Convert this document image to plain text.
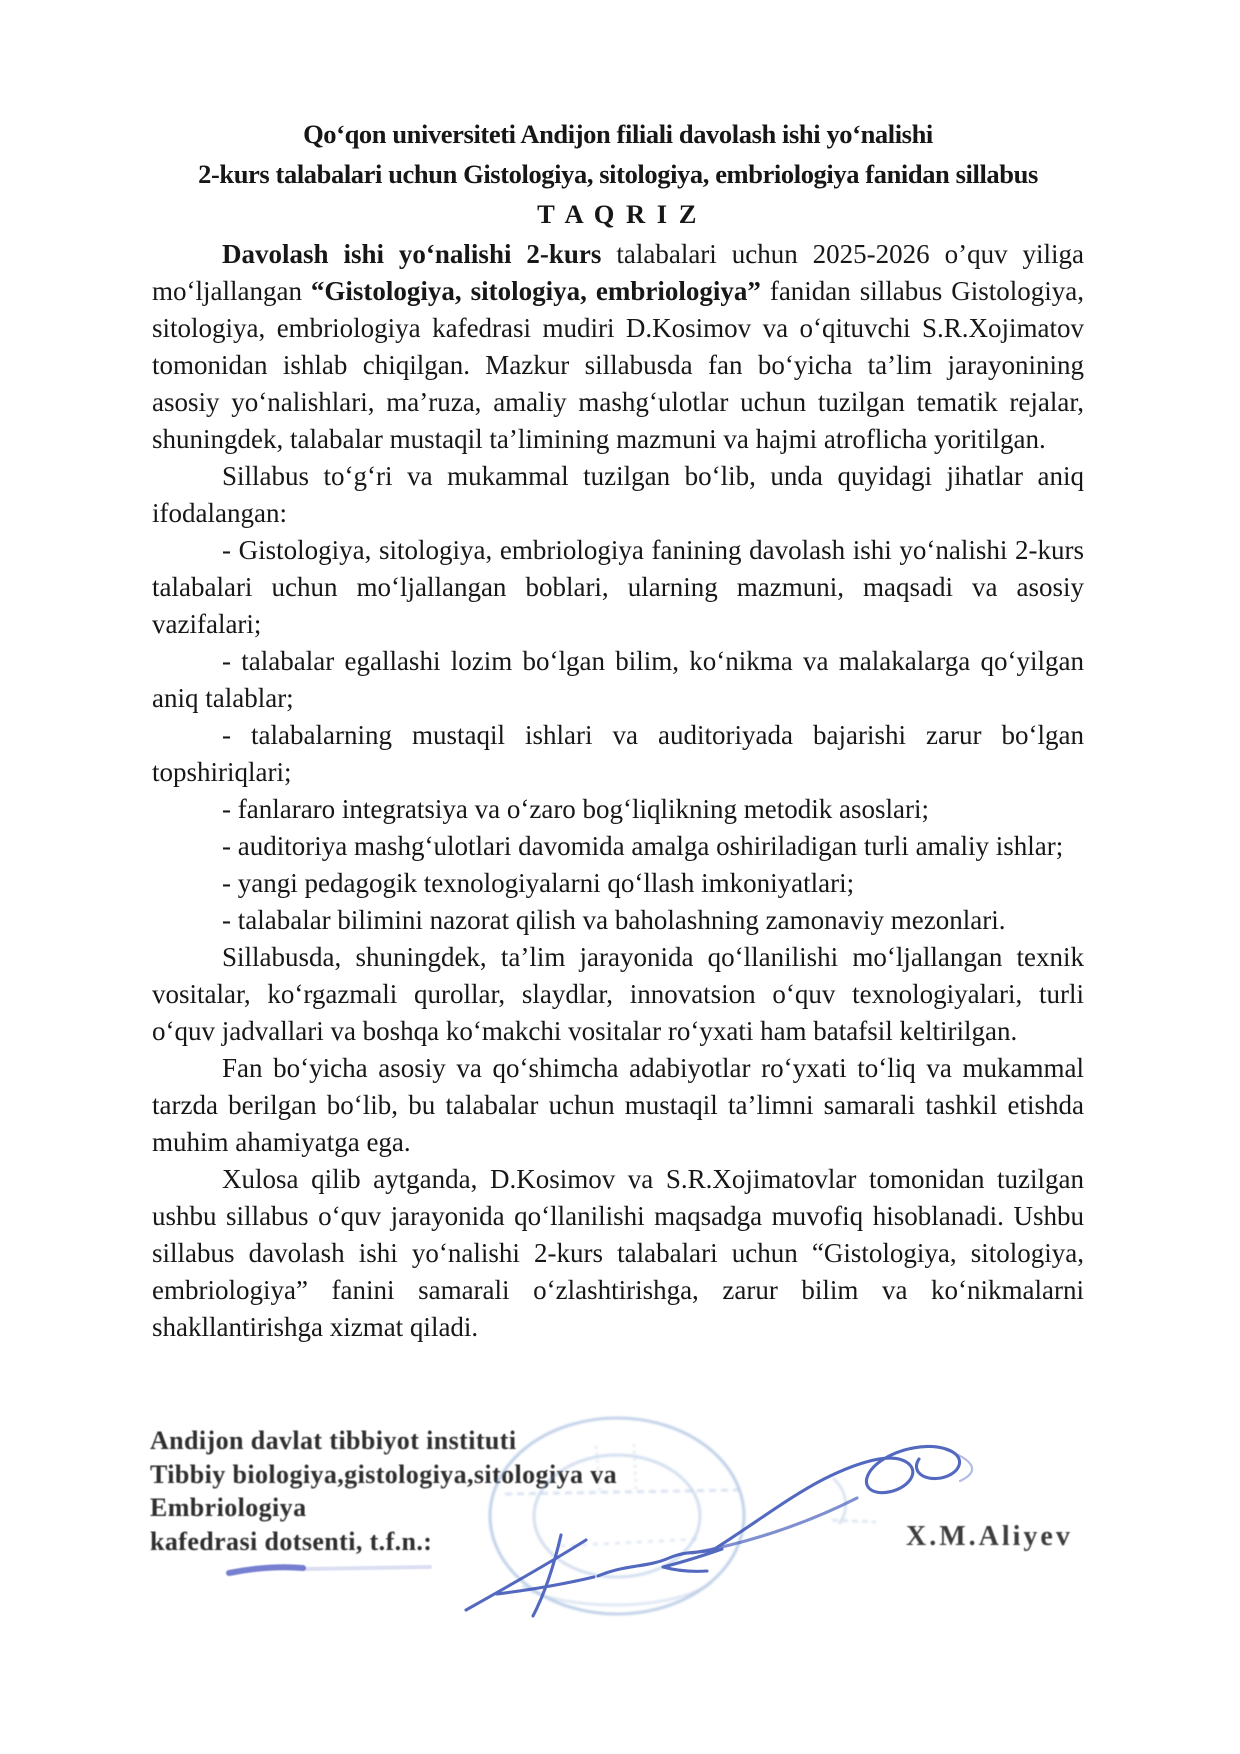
Qo‘qon universiteti Andijon filiali davolash ishi yo‘nalishi
2-kurs talabalari uchun Gistologiya, sitologiya, embriologiya fanidan sillabus
T A Q R I Z

Davolash ishi yo‘nalishi 2-kurs talabalari uchun 2025-2026 o’quv yiliga mo‘ljallangan “Gistologiya, sitologiya, embriologiya” fanidan sillabus Gistologiya, sitologiya, embriologiya kafedrasi mudiri D.Kosimov va o‘qituvchi S.R.Xojimatov tomonidan ishlab chiqilgan. Mazkur sillabusda fan bo‘yicha ta’lim jarayonining asosiy yo‘nalishlari, ma’ruza, amaliy mashg‘ulotlar uchun tuzilgan tematik rejalar, shuningdek, talabalar mustaqil ta’limining mazmuni va hajmi atroflicha yoritilgan.

Sillabus to‘g‘ri va mukammal tuzilgan bo‘lib, unda quyidagi jihatlar aniq ifodalangan:

- Gistologiya, sitologiya, embriologiya fanining davolash ishi yo‘nalishi 2-kurs talabalari uchun mo‘ljallangan boblari, ularning mazmuni, maqsadi va asosiy vazifalari;

- talabalar egallashi lozim bo‘lgan bilim, ko‘nikma va malakalarga qo‘yilgan aniq talablar;

- talabalarning mustaqil ishlari va auditoriyada bajarishi zarur bo‘lgan topshiriqlari;

- fanlararo integratsiya va o‘zaro bog‘liqlikning metodik asoslari;

- auditoriya mashg‘ulotlari davomida amalga oshiriladigan turli amaliy ishlar;

- yangi pedagogik texnologiyalarni qo‘llash imkoniyatlari;

- talabalar bilimini nazorat qilish va baholashning zamonaviy mezonlari.

Sillabusda, shuningdek, ta’lim jarayonida qo‘llanilishi mo‘ljallangan texnik vositalar, ko‘rgazmali qurollar, slaydlar, innovatsion o‘quv texnologiyalari, turli o‘quv jadvallari va boshqa ko‘makchi vositalar ro‘yxati ham batafsil keltirilgan.

Fan bo‘yicha asosiy va qo‘shimcha adabiyotlar ro‘yxati to‘liq va mukammal tarzda berilgan bo‘lib, bu talabalar uchun mustaqil ta’limni samarali tashkil etishda muhim ahamiyatga ega.

Xulosa qilib aytganda, D.Kosimov va S.R.Xojimatovlar tomonidan tuzilgan ushbu sillabus o‘quv jarayonida qo‘llanilishi maqsadga muvofiq hisoblanadi. Ushbu sillabus davolash ishi yo‘nalishi 2-kurs talabalari uchun “Gistologiya, sitologiya, embriologiya” fanini samarali o‘zlashtirishga, zarur bilim va ko‘nikmalarni shakllantirishga xizmat qiladi.

Andijon davlat tibbiyot instituti
Tibbiy biologiya,gistologiya,sitologiya va
Embriologiya
kafedrasi dotsenti, t.f.n.:	X.M.Aliyev
